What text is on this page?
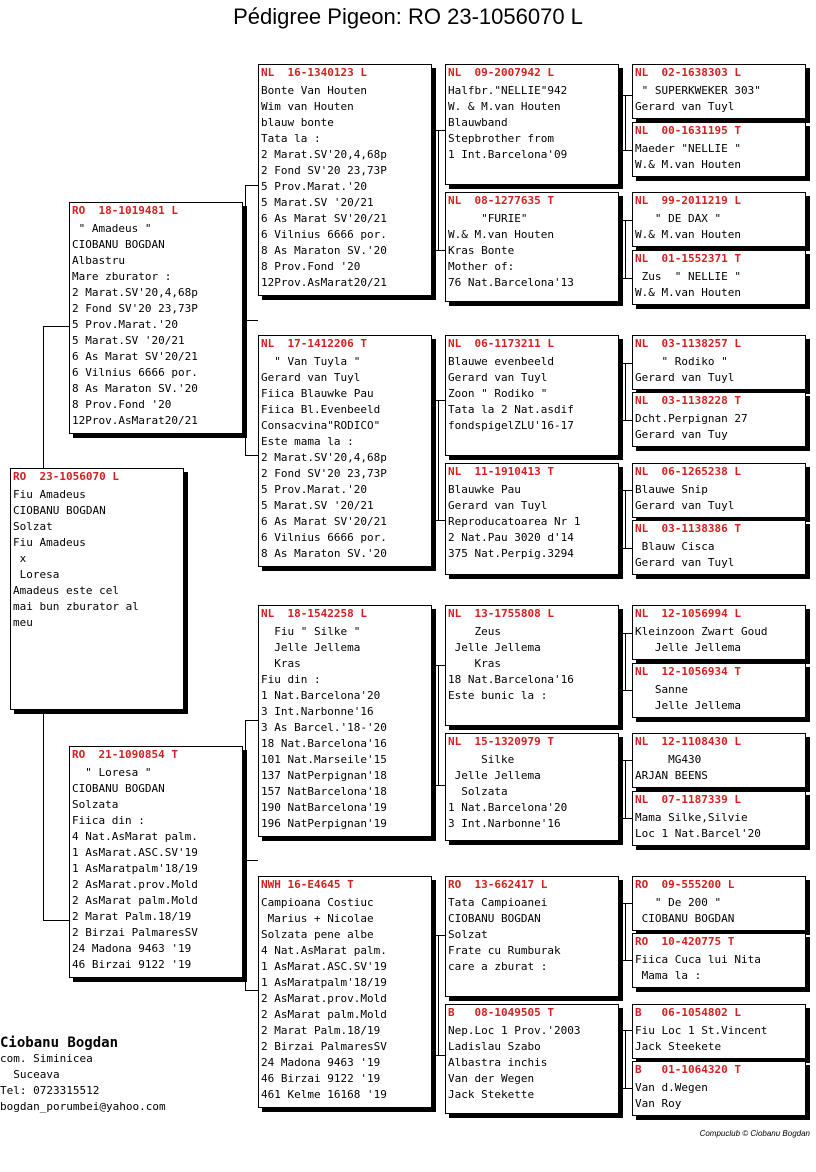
Pédigree Pigeon: RO 23-1056070 L
RO  23-1056070 L
Fiu Amadeus
CIOBANU BOGDAN
Solzat
Fiu Amadeus
x
Loresa
Amadeus este cel
mai bun zburator al
meu
RO  18-1019481 L
" Amadeus "
CIOBANU BOGDAN
Albastru
Mare zburator :
2 Marat.SV'20,4,68p
2 Fond SV'20 23,73P
5 Prov.Marat.'20
5 Marat.SV '20/21
6 As Marat SV'20/21
6 Vilnius 6666 por.
8 As Maraton SV.'20
8 Prov.Fond '20
12Prov.AsMarat20/21
RO  21-1090854 T
" Loresa "
CIOBANU BOGDAN
Solzata
Fiica din :
4 Nat.AsMarat palm.
1 AsMarat.ASC.SV'19
1 AsMaratpalm'18/19
2 AsMarat.prov.Mold
2 AsMarat palm.Mold
2 Marat Palm.18/19
2 Birzai PalmaresSV
24 Madona 9463 '19
46 Birzai 9122 '19
NL  16-1340123 L
Bonte Van Houten
Wim van Houten
blauw bonte
Tata la :
2 Marat.SV'20,4,68p
2 Fond SV'20 23,73P
5 Prov.Marat.'20
5 Marat.SV '20/21
6 As Marat SV'20/21
6 Vilnius 6666 por.
8 As Maraton SV.'20
8 Prov.Fond '20
12Prov.AsMarat20/21
NL  17-1412206 T
" Van Tuyla "
Gerard van Tuyl
Fiica Blauwke Pau
Fiica Bl.Evenbeeld
Consacvina"RODICO"
Este mama la :
2 Marat.SV'20,4,68p
2 Fond SV'20 23,73P
5 Prov.Marat.'20
5 Marat.SV '20/21
6 As Marat SV'20/21
6 Vilnius 6666 por.
8 As Maraton SV.'20
NL  18-1542258 L
Fiu " Silke "
Jelle Jellema
Kras
Fiu din :
1 Nat.Barcelona'20
3 Int.Narbonne'16
3 As Barcel.'18-'20
18 Nat.Barcelona'16
101 Nat.Marseile'15
137 NatPerpignan'18
157 NatBarcelona'18
190 NatBarcelona'19
196 NatPerpignan'19
NWH 16-E4645 T
Campioana Costiuc
Marius + Nicolae
Solzata pene albe
4 Nat.AsMarat palm.
1 AsMarat.ASC.SV'19
1 AsMaratpalm'18/19
2 AsMarat.prov.Mold
2 AsMarat palm.Mold
2 Marat Palm.18/19
2 Birzai PalmaresSV
24 Madona 9463 '19
46 Birzai 9122 '19
461 Kelme 16168 '19
NL  09-2007942 L
Halfbr."NELLIE"942
W. & M.van Houten
Blauwband
Stepbrother from
1 Int.Barcelona'09
NL  08-1277635 T
"FURIE"
W.& M.van Houten
Kras Bonte
Mother of:
76 Nat.Barcelona'13
NL  06-1173211 L
Blauwe evenbeeld
Gerard van Tuyl
Zoon " Rodiko "
Tata la 2 Nat.asdif
fondspigelZLU'16-17
NL  11-1910413 T
Blauwke Pau
Gerard van Tuyl
Reproducatoarea Nr 1
2 Nat.Pau 3020 d'14
375 Nat.Perpig.3294
NL  13-1755808 L
Zeus
Jelle Jellema
Kras
18 Nat.Barcelona'16
Este bunic la :
NL  15-1320979 T
Silke
Jelle Jellema
Solzata
1 Nat.Barcelona'20
3 Int.Narbonne'16
RO  13-662417 L
Tata Campioanei
CIOBANU BOGDAN
Solzat
Frate cu Rumburak
care a zburat :
B   08-1049505 T
Nep.Loc 1 Prov.'2003
Ladislau Szabo
Albastra inchis
Van der Wegen
Jack Stekette
NL  02-1638303 L
" SUPERKWEKER 303"
Gerard van Tuyl
NL  00-1631195 T
Maeder "NELLIE "
W.& M.van Houten
NL  99-2011219 L
" DE DAX "
W.& M.van Houten
NL  01-1552371 T
Zus  " NELLIE "
W.& M.van Houten
NL  03-1138257 L
" Rodiko "
Gerard van Tuyl
NL  03-1138228 T
Dcht.Perpignan 27
Gerard van Tuy
NL  06-1265238 L
Blauwe Snip
Gerard van Tuyl
NL  03-1138386 T
Blauw Cisca
Gerard van Tuyl
NL  12-1056994 L
Kleinzoon Zwart Goud
Jelle Jellema
NL  12-1056934 T
Sanne
Jelle Jellema
NL  12-1108430 L
MG430
ARJAN BEENS
NL  07-1187339 L
Mama Silke,Silvie
Loc 1 Nat.Barcel'20
RO  09-555200 L
" De 200 "
CIOBANU BOGDAN
RO  10-420775 T
Fiica Cuca lui Nita
Mama la :
B   06-1054802 L
Fiu Loc 1 St.Vincent
Jack Steekete
B   01-1064320 T
Van d.Wegen
Van Roy
Ciobanu Bogdan
com. Siminicea
Suceava
Tel: 0723315512
bogdan_porumbei@yahoo.com
Compuclub © Ciobanu Bogdan
